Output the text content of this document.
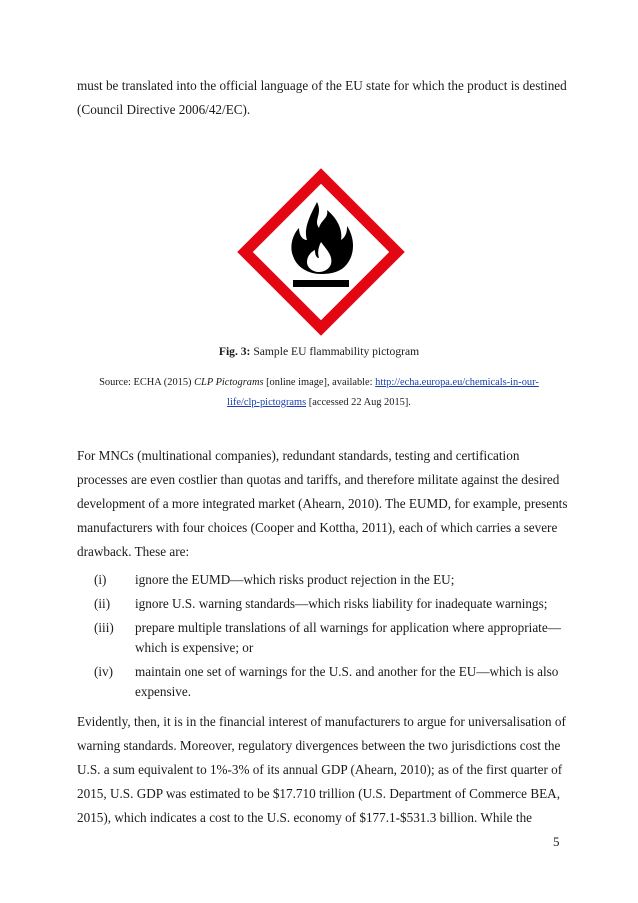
must be translated into the official language of the EU state for which the product is destined
(Council Directive 2006/42/EC).
Fig. 3: Sample EU flammability pictogram
Source: ECHA (2015) CLP Pictograms [online image], available: http://echa.europa.eu/chemicals-in-our-
life/clp-pictograms [accessed 22 Aug 2015].
For MNCs (multinational companies), redundant standards, testing and certification
processes are even costlier than quotas and tariffs, and therefore militate against the desired
development of a more integrated market (Ahearn, 2010). The EUMD, for example, presents
manufacturers with four choices (Cooper and Kottha, 2011), each of which carries a severe
drawback. These are:
(i) ignore the EUMD—which risks product rejection in the EU;
(ii) ignore U.S. warning standards—which risks liability for inadequate warnings;
(iii) prepare multiple translations of all warnings for application where appropriate—
which is expensive; or
(iv) maintain one set of warnings for the U.S. and another for the EU—which is also
expensive.
Evidently, then, it is in the financial interest of manufacturers to argue for universalisation of
warning standards. Moreover, regulatory divergences between the two jurisdictions cost the
U.S. a sum equivalent to 1%-3% of its annual GDP (Ahearn, 2010); as of the first quarter of
2015, U.S. GDP was estimated to be $17.710 trillion (U.S. Department of Commerce BEA,
2015), which indicates a cost to the U.S. economy of $177.1-$531.3 billion. While the
5
